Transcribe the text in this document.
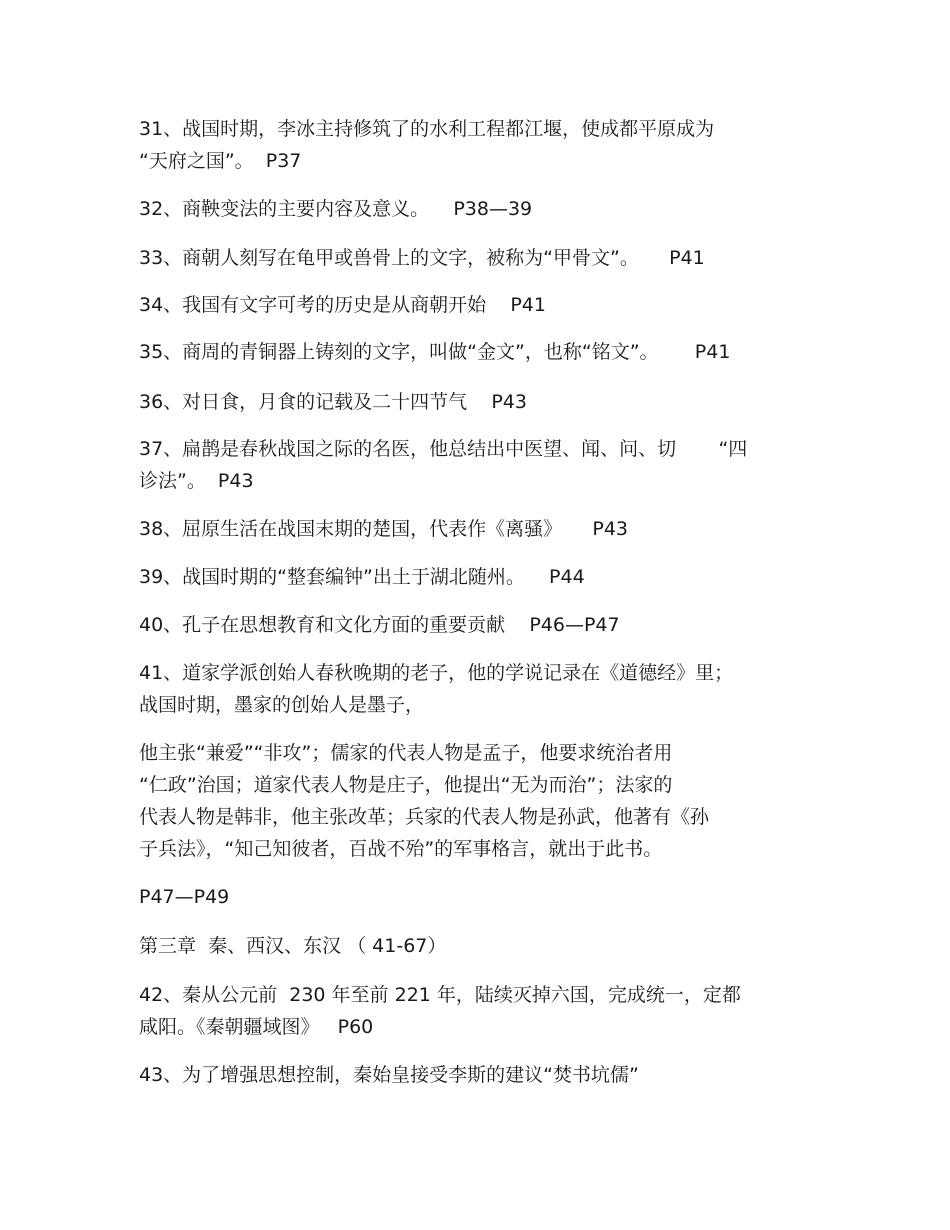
31、战国时期，李冰主持修筑了的水利工程都江堰，使成都平原成为
“天府之国”。  P37
32、商鞅变法的主要内容及意义。    P38—39
33、商朝人刻写在龟甲或兽骨上的文字，被称为“甲骨文”。     P41
34、我国有文字可考的历史是从商朝开始    P41
35、商周的青铜器上铸刻的文字，叫做“金文”，也称“铭文”。      P41
36、对日食，月食的记载及二十四节气    P43
37、扁鹊是春秋战国之际的名医，他总结出中医望、闻、问、切       “四
诊法”。  P43
38、屈原生活在战国末期的楚国，代表作《离骚》     P43
39、战国时期的“整套编钟”出土于湖北随州。    P44
40、孔子在思想教育和文化方面的重要贡献    P46—P47
41、道家学派创始人春秋晚期的老子，他的学说记录在《道德经》里；
战国时期，墨家的创始人是墨子，
他主张“兼爱”“非攻”；儒家的代表人物是孟子，他要求统治者用
“仁政”治国；道家代表人物是庄子，他提出“无为而治”；法家的
代表人物是韩非，他主张改革；兵家的代表人物是孙武，他著有《孙
子兵法》，“知己知彼者，百战不殆”的军事格言，就出于此书。
P47—P49
第三章  秦、西汉、东汉 （ 41-67）
42、秦从公元前  230 年至前 221 年，陆续灭掉六国，完成统一，定都
咸阳。《秦朝疆域图》   P60
43、为了增强思想控制，秦始皇接受李斯的建议“焚书坑儒”
